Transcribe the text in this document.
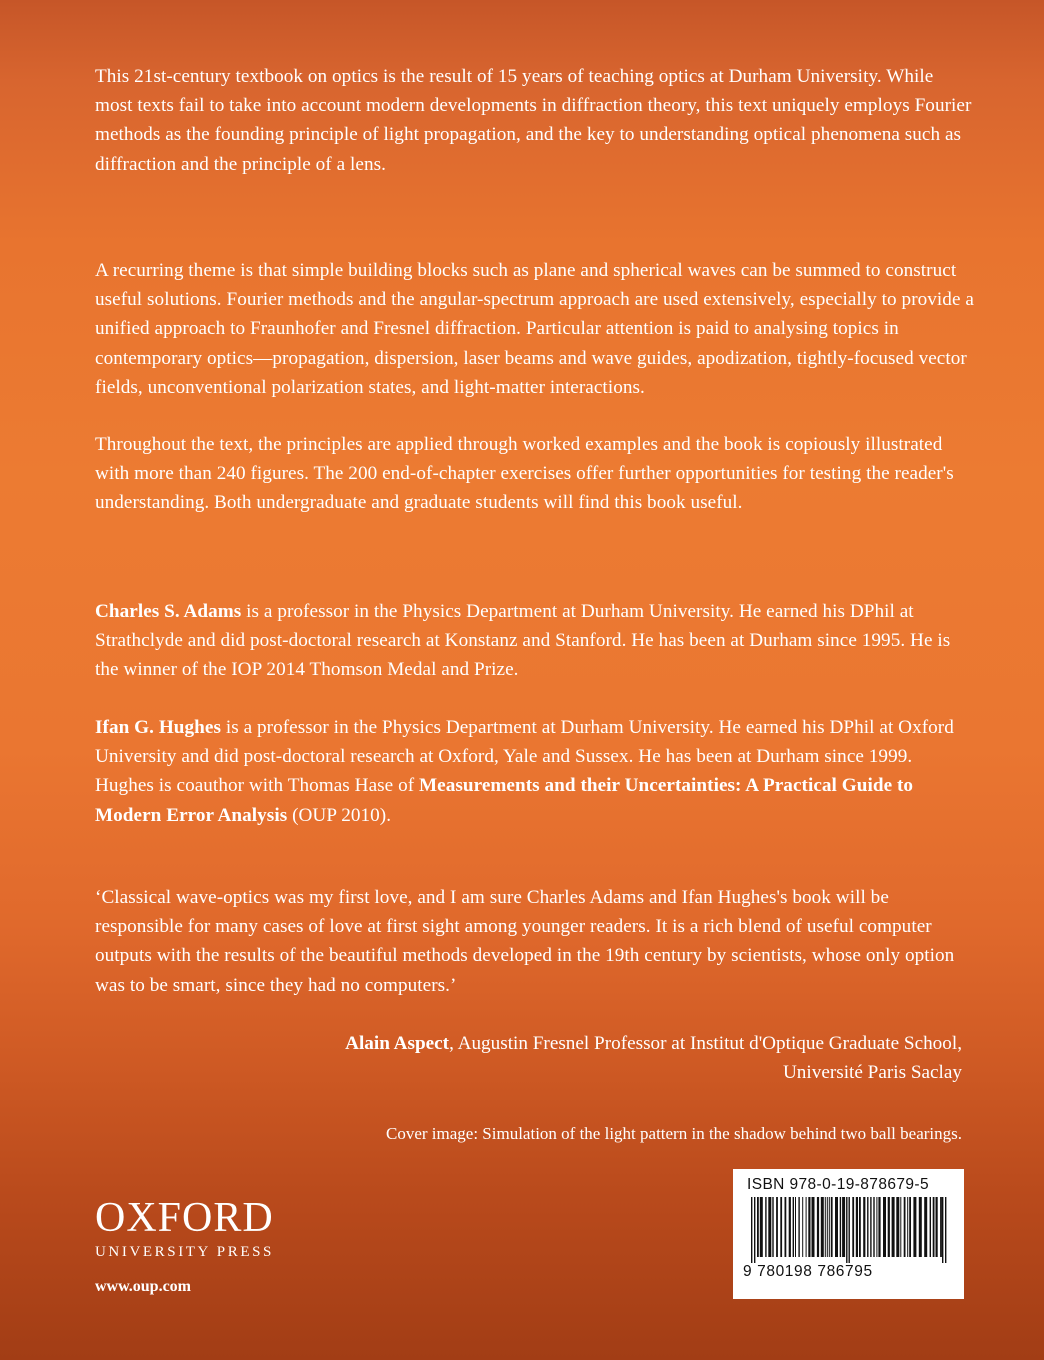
This 21st-century textbook on optics is the result of 15 years of teaching optics at Durham University. While most texts fail to take into account modern developments in diffraction theory, this text uniquely employs Fourier methods as the founding principle of light propagation, and the key to understanding optical phenomena such as diffraction and the principle of a lens.

A recurring theme is that simple building blocks such as plane and spherical waves can be summed to construct useful solutions. Fourier methods and the angular-spectrum approach are used extensively, especially to provide a unified approach to Fraunhofer and Fresnel diffraction. Particular attention is paid to analysing topics in contemporary optics—propagation, dispersion, laser beams and wave guides, apodization, tightly-focused vector fields, unconventional polarization states, and light-matter interactions.

Throughout the text, the principles are applied through worked examples and the book is copiously illustrated with more than 240 figures. The 200 end-of-chapter exercises offer further opportunities for testing the reader's understanding. Both undergraduate and graduate students will find this book useful.

Charles S. Adams is a professor in the Physics Department at Durham University. He earned his DPhil at Strathclyde and did post-doctoral research at Konstanz and Stanford. He has been at Durham since 1995. He is the winner of the IOP 2014 Thomson Medal and Prize.

Ifan G. Hughes is a professor in the Physics Department at Durham University. He earned his DPhil at Oxford University and did post-doctoral research at Oxford, Yale and Sussex. He has been at Durham since 1999. Hughes is coauthor with Thomas Hase of Measurements and their Uncertainties: A Practical Guide to Modern Error Analysis (OUP 2010).

‘Classical wave-optics was my first love, and I am sure Charles Adams and Ifan Hughes's book will be responsible for many cases of love at first sight among younger readers. It is a rich blend of useful computer outputs with the results of the beautiful methods developed in the 19th century by scientists, whose only option was to be smart, since they had no computers.’

Alain Aspect, Augustin Fresnel Professor at Institut d'Optique Graduate School,

Université Paris Saclay

Cover image: Simulation of the light pattern in the shadow behind two ball bearings.
OXFORD
UNIVERSITY PRESS
www.oup.com
ISBN 978-0-19-878679-5
9 780198 786795
